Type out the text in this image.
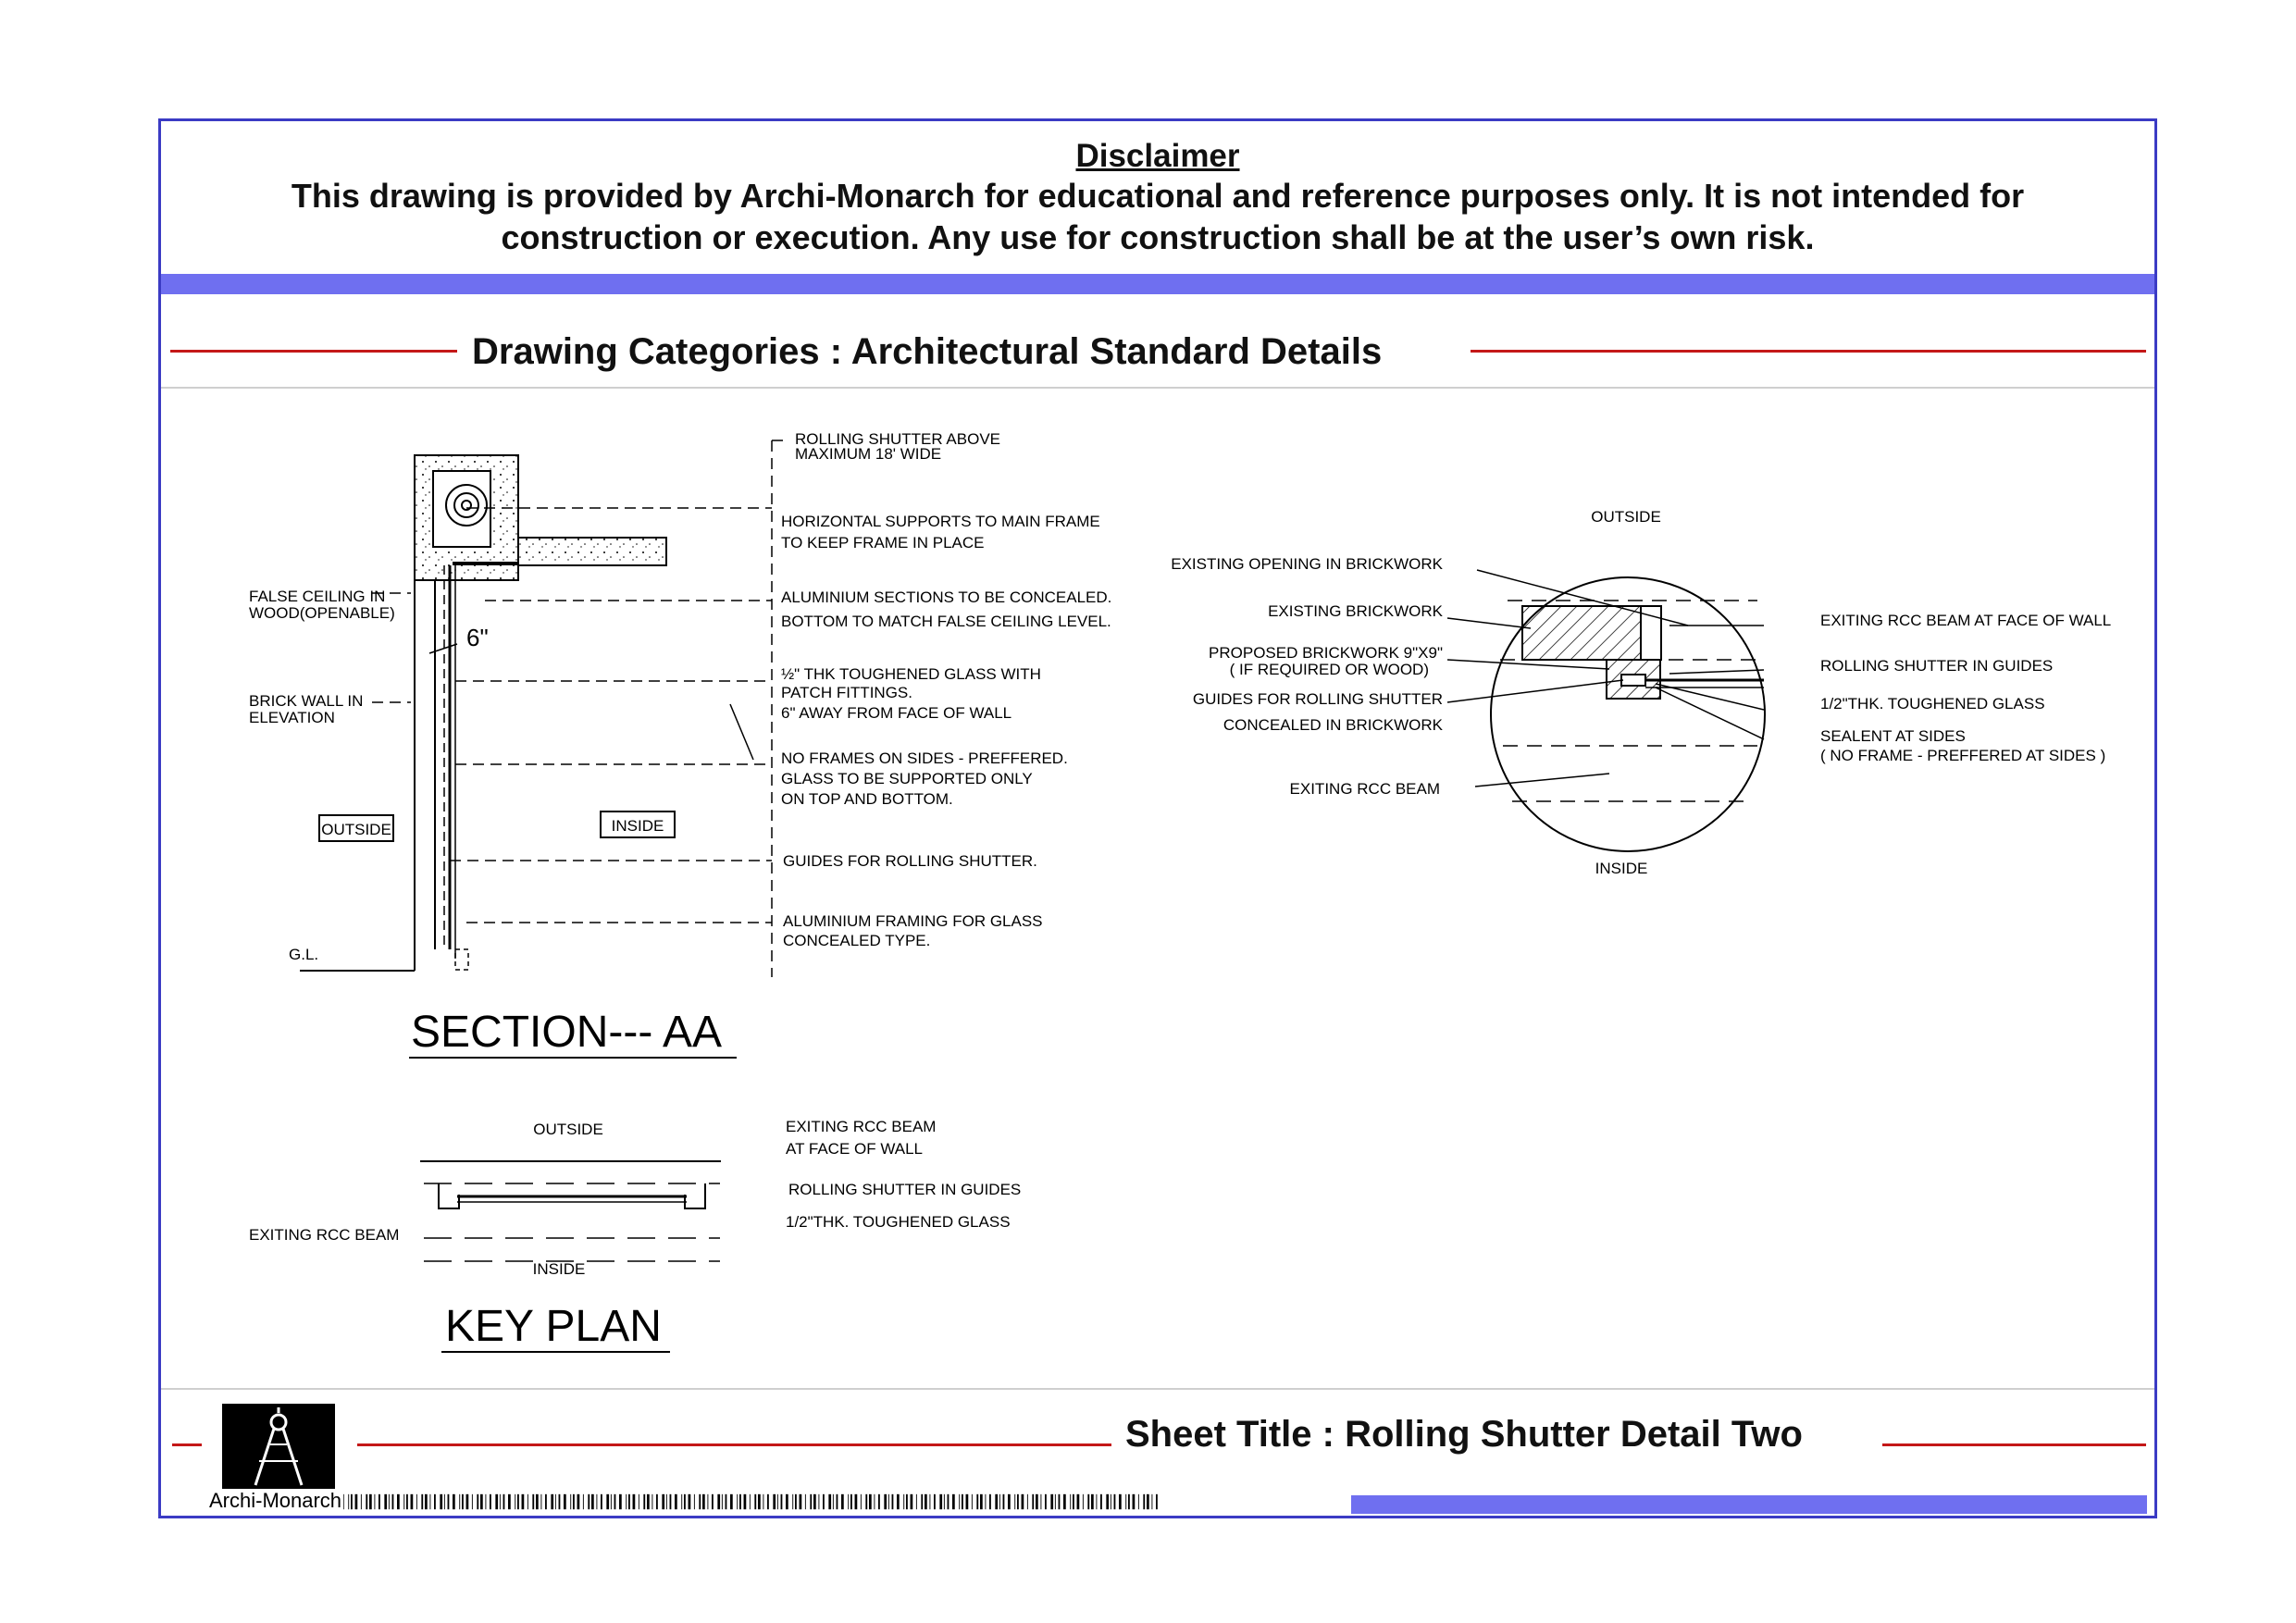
Disclaimer
This drawing is provided by Archi-Monarch for educational and reference purposes only. It is not intended for
construction or execution. Any use for construction shall be at the user’s own risk.
Drawing Categories : Architectural Standard Details
6"
OUTSIDE	INSIDE
G.L.
FALSE CEILING IN
WOOD(OPENABLE)
BRICK WALL IN
ELEVATION
ROLLING SHUTTER ABOVE
MAXIMUM 18' WIDE
HORIZONTAL SUPPORTS TO MAIN FRAME
TO KEEP FRAME IN PLACE
ALUMINIUM SECTIONS TO BE CONCEALED.
BOTTOM TO MATCH FALSE CEILING LEVEL.
½" THK TOUGHENED GLASS WITH
PATCH FITTINGS.
6" AWAY FROM FACE OF WALL
NO FRAMES ON SIDES - PREFFERED.
GLASS TO BE SUPPORTED ONLY
ON TOP AND BOTTOM.
GUIDES FOR ROLLING SHUTTER.
ALUMINIUM FRAMING FOR GLASS
CONCEALED TYPE.
SECTION--- AA
OUTSIDE
INSIDE
EXISTING OPENING IN BRICKWORK
EXISTING BRICKWORK
PROPOSED BRICKWORK 9"X9"
( IF REQUIRED OR WOOD)
GUIDES FOR ROLLING SHUTTER
CONCEALED IN BRICKWORK
EXITING RCC BEAM
EXITING RCC BEAM AT FACE OF WALL
ROLLING SHUTTER IN GUIDES
1/2"THK. TOUGHENED GLASS
SEALENT AT SIDES
( NO FRAME - PREFFERED AT SIDES )
OUTSIDE
INSIDE
EXITING RCC BEAM
EXITING RCC BEAM
AT FACE OF WALL
ROLLING SHUTTER IN GUIDES
1/2"THK. TOUGHENED GLASS
KEY PLAN
Sheet Title : Rolling Shutter Detail Two
Archi-Monarch
